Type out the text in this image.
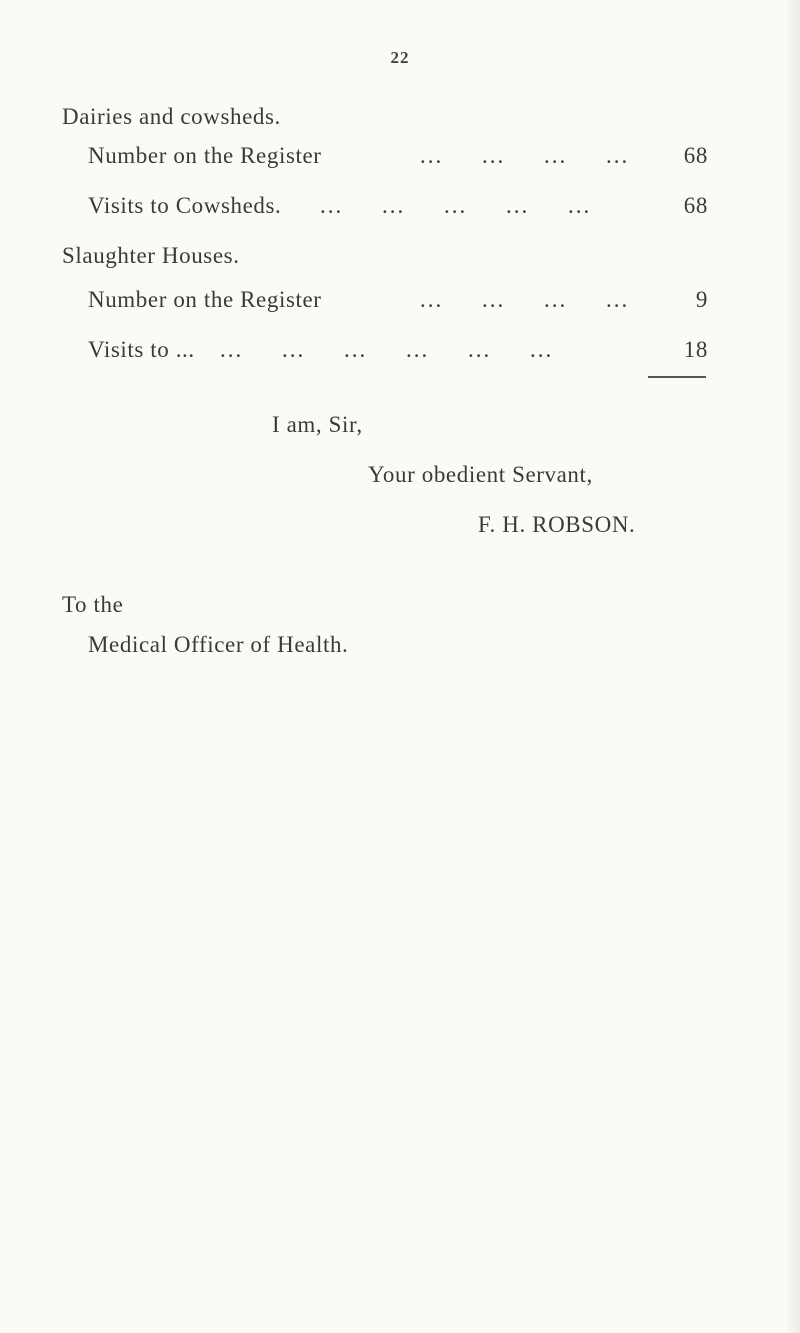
22
Dairies and cowsheds.
Number on the Register	...     ...     ...     ... 68
Visits to Cowsheds. ...     ...     ...     ...     ...	68
Slaughter Houses.
Number on the Register	...     ...     ...     ...	9
Visits to ... ...     ...     ...     ...     ...     ...	18
I am, Sir,
Your obedient Servant,
F. H. ROBSON.
To the
Medical Officer of Health.
